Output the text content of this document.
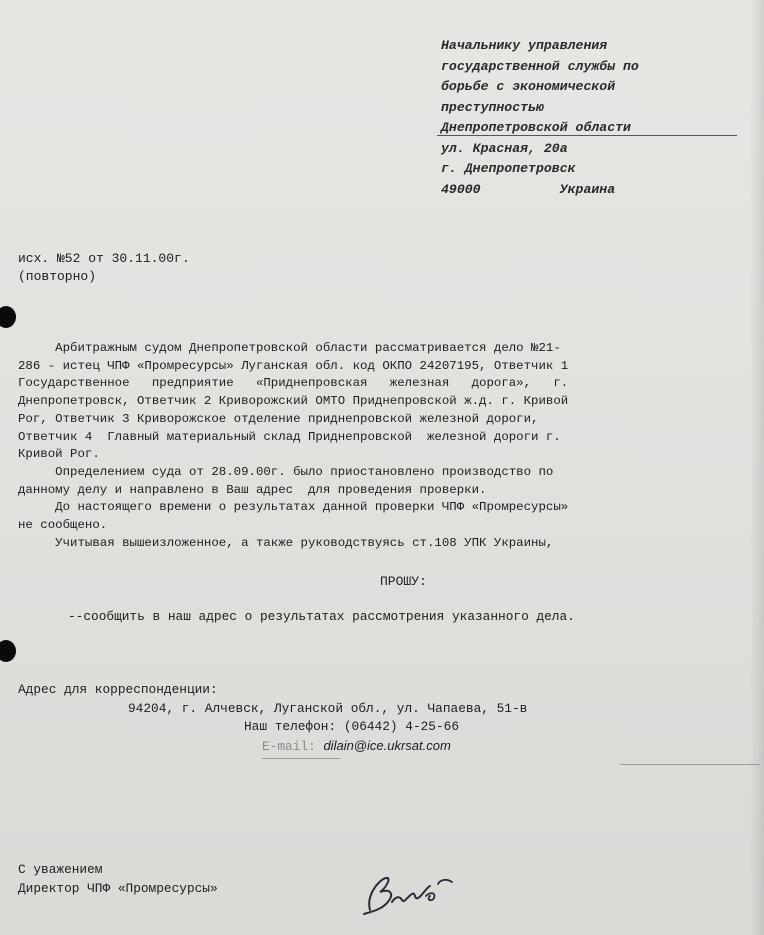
Начальнику управления
государственной службы по
борьбе с экономической
преступностью
Днепропетровской области
ул. Красная, 20а
г. Днепропетровск
49000          Украина
исх. №52 от 30.11.00г.
(повторно)
Арбитражным судом Днепропетровской области рассматривается дело №21-
286 - истец ЧПФ «Промресурсы» Луганская обл. код ОКПО 24207195, Ответчик 1
Государственное   предприятие   «Приднепровская   железная   дорога»,   г.
Днепропетровск, Ответчик 2 Криворожский ОМТО Приднепровской ж.д. г. Кривой
Рог, Ответчик 3 Криворожское отделение приднепровской железной дороги,
Ответчик 4  Главный материальный склад Приднепровской  железной дороги г.
Кривой Рог.
Определением суда от 28.09.00г. было приостановлено производство по
данному делу и направлено в Ваш адрес  для проведения проверки.
До настоящего времени о результатах данной проверки ЧПФ «Промресурсы»
не сообщено.
Учитывая вышеизложенное, а также руководствуясь ст.108 УПК Украины,
ПРОШУ:
--сообщить в наш адрес о результатах рассмотрения указанного дела.
Адрес для корреспонденции:
94204, г. Алчевск, Луганской обл., ул. Чапаева, 51-в
Наш телефон: (06442) 4-25-66
E-mail: dilain@ice.ukrsat.com
С уважением
Директор ЧПФ «Промресурсы»
